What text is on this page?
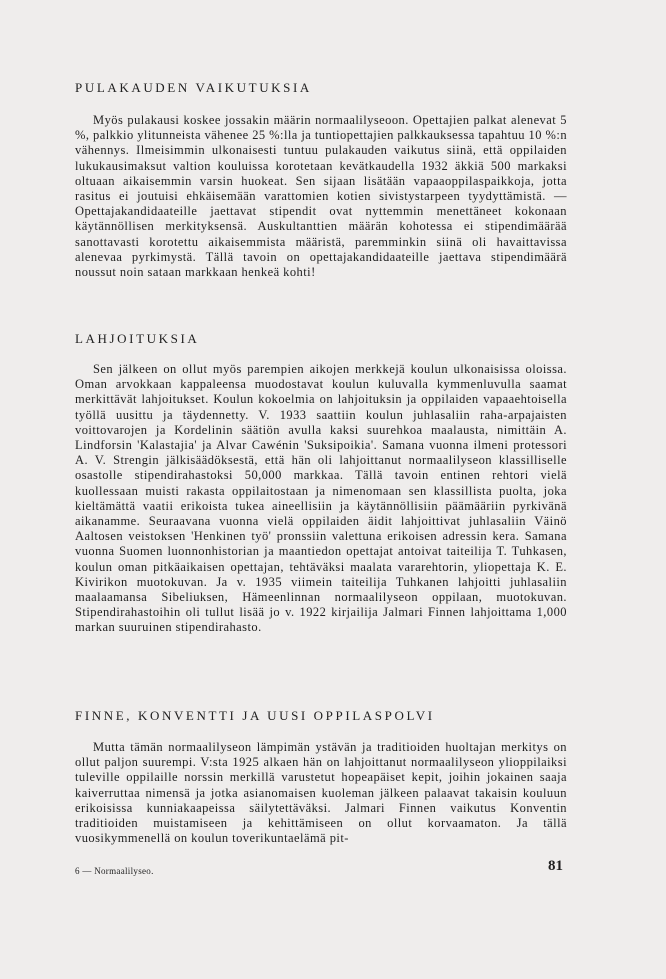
PULAKAUDEN VAIKUTUKSIA

Myös pulakausi koskee jossakin määrin normaalilyseoon. Opettajien palkat alenevat 5 %, palkkio ylitunneista vähenee 25 %:lla ja tuntiopettajien palkkauksessa tapahtuu 10 %:n vähennys. Ilmeisimmin ulkonaisesti tuntuu pulakauden vaikutus siinä, että oppilaiden lukukausimaksut valtion kouluissa korotetaan kevätkaudella 1932 äkkiä 500 markaksi oltuaan aikaisemmin varsin huokeat. Sen sijaan lisätään vapaaoppilaspaikkoja, jotta rasitus ei joutuisi ehkäisemään varattomien kotien sivistystarpeen tyydyttämistä. — Opettajakandidaateille jaettavat stipendit ovat nyttemmin menettäneet kokonaan käytännöllisen merkityksensä. Auskultanttien määrän kohotessa ei stipendimäärää sanottavasti korotettu aikaisemmista määristä, paremminkin siinä oli havaittavissa alenevaa pyrkimystä. Tällä tavoin on opettajakandidaateille jaettava stipendimäärä noussut noin sataan markkaan henkeä kohti!

LAHJOITUKSIA

Sen jälkeen on ollut myös parempien aikojen merkkejä koulun ulkonaisissa oloissa. Oman arvokkaan kappaleensa muodostavat koulun kuluvalla kymmenluvulla saamat merkittävät lahjoitukset. Koulun kokoelmia on lahjoituksin ja oppilaiden vapaaehtoisella työllä uusittu ja täydennetty. V. 1933 saattiin koulun juhlasaliin raha-arpajaisten voittovarojen ja Kordelinin säätiön avulla kaksi suurehkoa maalausta, nimittäin A. Lindforsin 'Kalastajia' ja Alvar Cawénin 'Suksipoikia'. Samana vuonna ilmeni protessori A. V. Strengin jälkisäädöksestä, että hän oli lahjoittanut normaalilyseon klassilliselle osastolle stipendirahastoksi 50,000 markkaa. Tällä tavoin entinen rehtori vielä kuollessaan muisti rakasta oppilaitostaan ja nimenomaan sen klassillista puolta, joka kieltämättä vaatii erikoista tukea aineellisiin ja käytännöllisiin päämääriin pyrkivänä aikanamme. Seuraavana vuonna vielä oppilaiden äidit lahjoittivat juhlasaliin Väinö Aaltosen veistoksen 'Henkinen työ' pronssiin valettuna erikoisen adressin kera. Samana vuonna Suomen luonnonhistorian ja maantiedon opettajat antoivat taiteilija T. Tuhkasen, koulun oman pitkäaikaisen opettajan, tehtäväksi maalata vararehtorin, yliopettaja K. E. Kivirikon muotokuvan. Ja v. 1935 viimein taiteilija Tuhkanen lahjoitti juhlasaliin maalaamansa Sibeliuksen, Hämeenlinnan normaalilyseon oppilaan, muotokuvan. Stipendirahastoihin oli tullut lisää jo v. 1922 kirjailija Jalmari Finnen lahjoittama 1,000 markan suuruinen stipendirahasto.

FINNE, KONVENTTI JA UUSI OPPILASPOLVI

Mutta tämän normaalilyseon lämpimän ystävän ja traditioiden huoltajan merkitys on ollut paljon suurempi. V:sta 1925 alkaen hän on lahjoittanut normaalilyseon ylioppilaiksi tuleville oppilaille norssin merkillä varustetut hopeapäiset kepit, joihin jokainen saaja kaiverruttaa nimensä ja jotka asianomaisen kuoleman jälkeen palaavat takaisin kouluun erikoisissa kunniakaapeissa säilytettäväksi. Jalmari Finnen vaikutus Konventin traditioiden muistamiseen ja kehittämiseen on ollut korvaamaton. Ja tällä vuosikymmenellä on koulun toverikuntaelämä pit-

6 — Normaalilyseo.	81
